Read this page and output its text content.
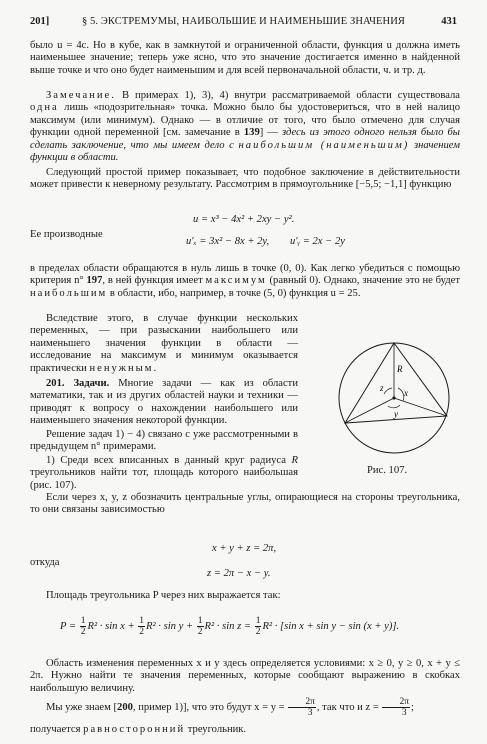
201]	§ 5. ЭКСТРЕМУМЫ, НАИБОЛЬШИЕ И НАИМЕНЬШИЕ ЗНАЧЕНИЯ	431
было u = 4c. Но в кубе, как в замкнутой и ограниченной области, функция u должна иметь наименьшее значение; теперь уже ясно, что это значение достигается именно в найденной выше точке и что оно будет наименьшим и для всей первоначальной области, ч. и тр. д.
Замечание. В примерах 1), 3), 4) внутри рассматриваемой области существовала одна лишь «подозрительная» точка. Можно было бы удостовериться, что в ней налицо максимум (или минимум). Однако — в отличие от того, что было отмечено для случая функции одной переменной [см. замечание в 139] — здесь из этого одного нельзя было бы сделать заключение, что мы имеем дело с наибольшим (наименьшим) значением функции в области.
Следующий простой пример показывает, что подобное заключение в действительности может привести к неверному результату. Рассмотрим в прямоугольнике [−5,5; −1,1] функцию
u = x³ − 4x² + 2xy − y².
Ее производные
u′ₓ = 3x² − 8x + 2y, u′ᵧ = 2x − 2y
в пределах области обращаются в нуль лишь в точке (0, 0). Как легко убедиться с помощью критерия n° 197, в ней функция имеет максимум (равный 0). Однако, значение это не будет наибольшим в области, ибо, например, в точке (5, 0) функция u = 25.
Вследствие этого, в случае функции нескольких переменных, — при разыскании наибольшего или наименьшего значения функции в области — исследование на максимум и минимум оказывается практически ненужным.
201. Задачи. Многие задачи — как из области математики, так и из других областей науки и техники — приводят к вопросу о нахождении наибольшего или наименьшего значения некоторой функции.
Решение задач 1) − 4) связано с уже рассмотренными в предыдущем n° примерами.
1) Среди всех вписанных в данный круг радиуса R треугольников найти тот, площадь которого наибольшая (рис. 107).
Если через x, y, z обозначить центральные углы, опирающиеся на стороны треугольника, то они связаны зависимостью
x + y + z = 2π,
откуда
z = 2π − x − y.
Площадь треугольника P через них выражается так:
$P = \frac{1}{2} R^2 \cdot \sin x + \frac{1}{2} R^2 \cdot \sin y + \frac{1}{2} R^2 \cdot \sin z = \frac{1}{2} R^2 \cdot [\sin$ x + sin y − sin (x + y)].
Область изменения переменных x и y здесь определяется условиями: x ≥ 0, y ≥ 0, x + y ≤ 2π. Нужно найти те значения переменных, которые сообщают выражению в скобках наибольшую величину.
Мы уже знаем [200, пример 1)], что это будут $x = y = \frac{2\pi}{3}$ , так что и $z = \frac{2\pi}{3}$ ;
получается равносторонний треугольник.
z x
y
R
Рис. 107.
